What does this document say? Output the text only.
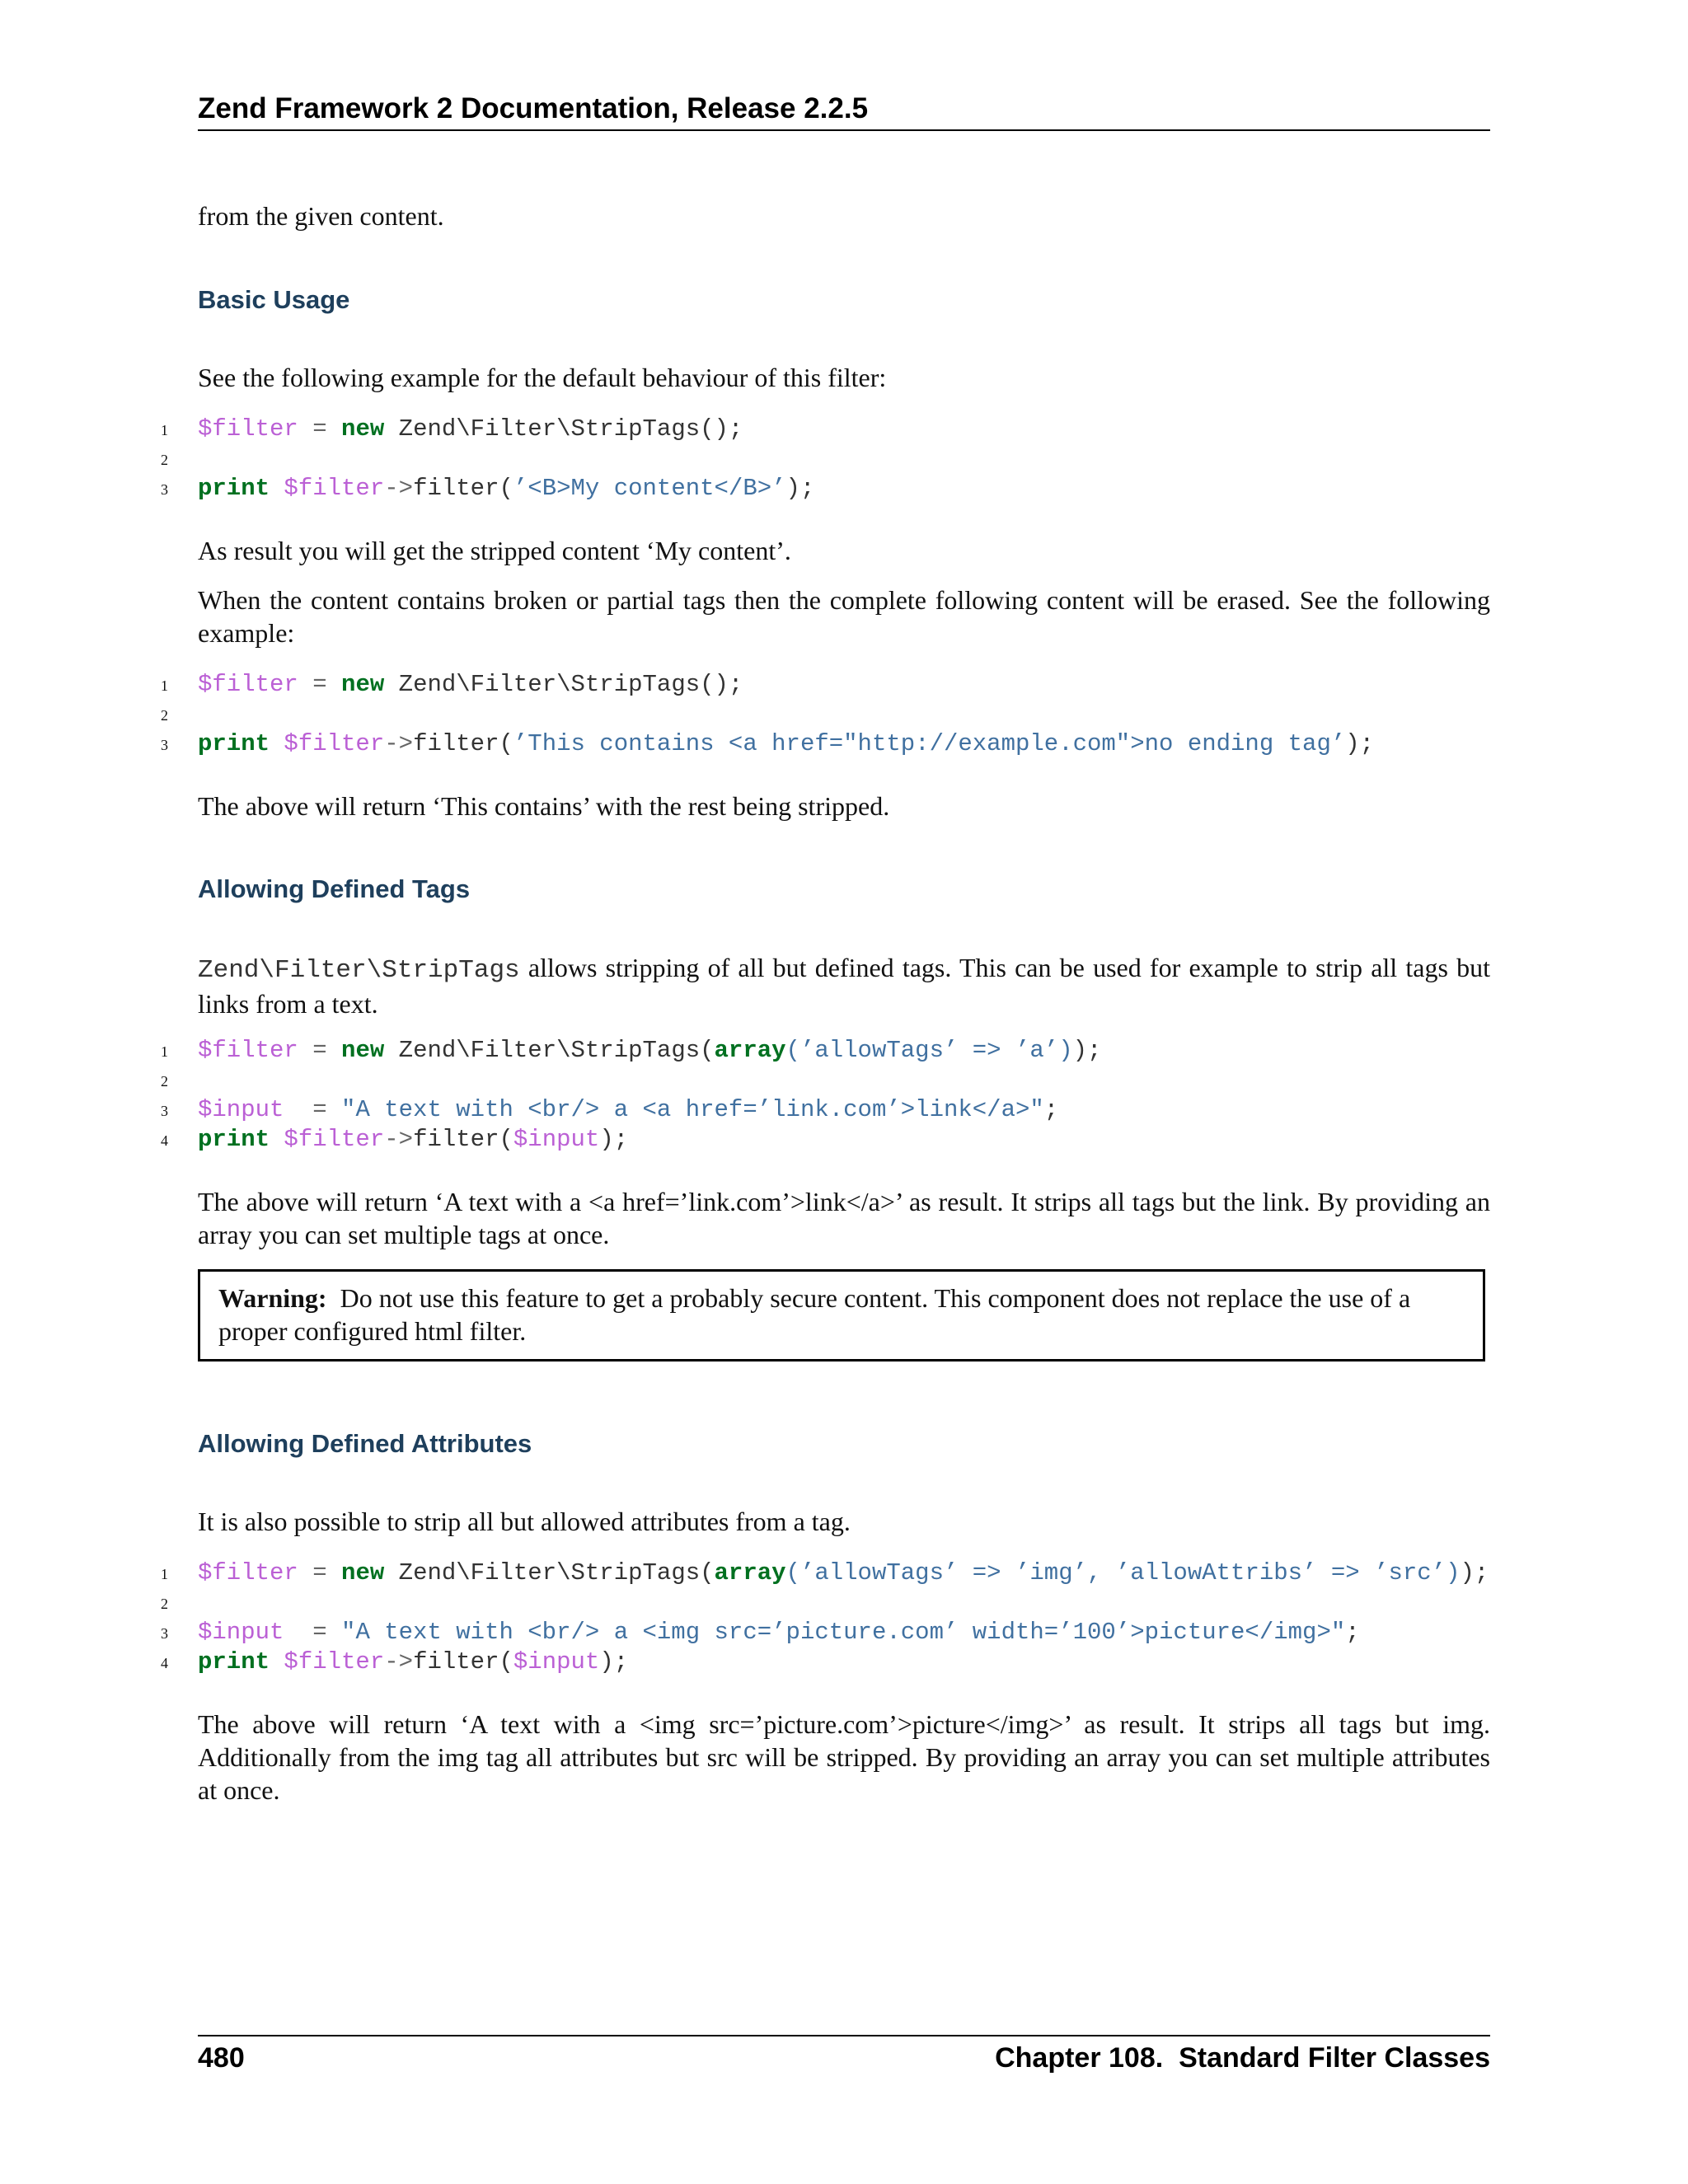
Zend Framework 2 Documentation, Release 2.2.5

from the given content.

Basic Usage

See the following example for the default behaviour of this filter:

1 $filter = new Zend\Filter\StripTags();
2
3 print $filter->filter(’<B>My content</B>’);

As result you will get the stripped content ‘My content’.

When the content contains broken or partial tags then the complete following content will be erased. See the following example:

1 $filter = new Zend\Filter\StripTags();
2
3 print $filter->filter(’This contains <a href="http://example.com">no ending tag’);

The above will return ‘This contains’ with the rest being stripped.

Allowing Defined Tags

Zend\Filter\StripTags allows stripping of all but defined tags. This can be used for example to strip all tags but links from a text.

1 $filter = new Zend\Filter\StripTags(array(’allowTags’ => ’a’));
2
3 $input  = "A text with <br/> a <a href=’link.com’>link</a>";
4 print $filter->filter($input);

The above will return ‘A text with a <a href=’link.com’>link</a>’ as result. It strips all tags but the link. By providing an array you can set multiple tags at once.

Warning: Do not use this feature to get a probably secure content. This component does not replace the use of a proper configured html filter.
Allowing Defined Attributes

It is also possible to strip all but allowed attributes from a tag.

1 $filter = new Zend\Filter\StripTags(array(’allowTags’ => ’img’, ’allowAttribs’ => ’src’));
2
3 $input  = "A text with <br/> a <img src=’picture.com’ width=’100’>picture</img>";
4 print $filter->filter($input);

The above will return ‘A text with a <img src=’picture.com’>picture</img>’ as result. It strips all tags but img. Additionally from the img tag all attributes but src will be stripped. By providing an array you can set multiple attributes at once.

480	Chapter 108.  Standard Filter Classes
